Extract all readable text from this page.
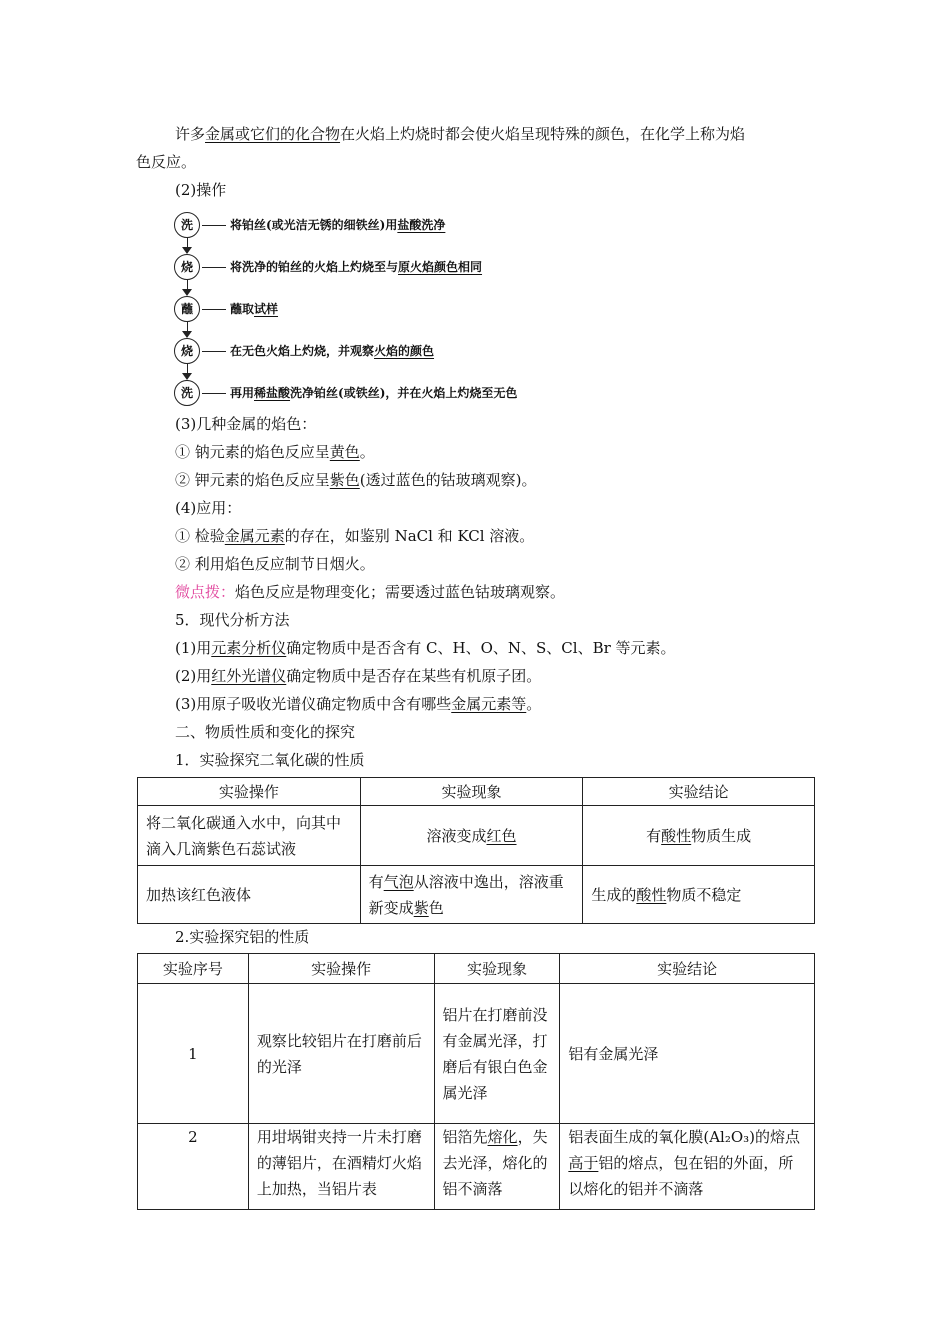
许多金属或它们的化合物在火焰上灼烧时都会使火焰呈现特殊的颜色，在化学上称为焰
色反应。
(2)操作
洗	将铂丝(或光洁无锈的细铁丝)用盐酸洗净
烧	将洗净的铂丝的火焰上灼烧至与原火焰颜色相同
蘸	蘸取试样
烧	在无色火焰上灼烧，并观察火焰的颜色
洗	再用稀盐酸洗净铂丝(或铁丝)，并在火焰上灼烧至无色
(3)几种金属的焰色：
① 钠元素的焰色反应呈黄色。
② 钾元素的焰色反应呈紫色(透过蓝色的钴玻璃观察)。
(4)应用：
① 检验金属元素的存在，如鉴别 NaCl 和 KCl 溶液。
② 利用焰色反应制节日烟火。
微点拨：焰色反应是物理变化；需要透过蓝色钴玻璃观察。
5．现代分析方法
(1)用元素分析仪确定物质中是否含有 C、H、O、N、S、Cl、Br 等元素。
(2)用红外光谱仪确定物质中是否存在某些有机原子团。
(3)用原子吸收光谱仪确定物质中含有哪些金属元素等。
二、物质性质和变化的探究
1．实验探究二氧化碳的性质
实验操作	实验现象	实验结论
将二氧化碳通入水中，向其中滴入几滴紫色石蕊试液	溶液变成红色	有酸性物质生成
加热该红色液体	有气泡从溶液中逸出，溶液重新变成紫色	生成的酸性物质不稳定
2.实验探究铝的性质
实验序号	实验操作	实验现象	实验结论
1	观察比较铝片在打磨前后的光泽	铝片在打磨前没有金属光泽，打磨后有银白色金属光泽	铝有金属光泽
2	用坩埚钳夹持一片未打磨的薄铝片，在酒精灯火焰上加热，当铝片表	铝箔先熔化，失去光泽，熔化的铝不滴落	铝表面生成的氧化膜(Al₂O₃)的熔点高于铝的熔点，包在铝的外面，所以熔化的铝并不滴落
